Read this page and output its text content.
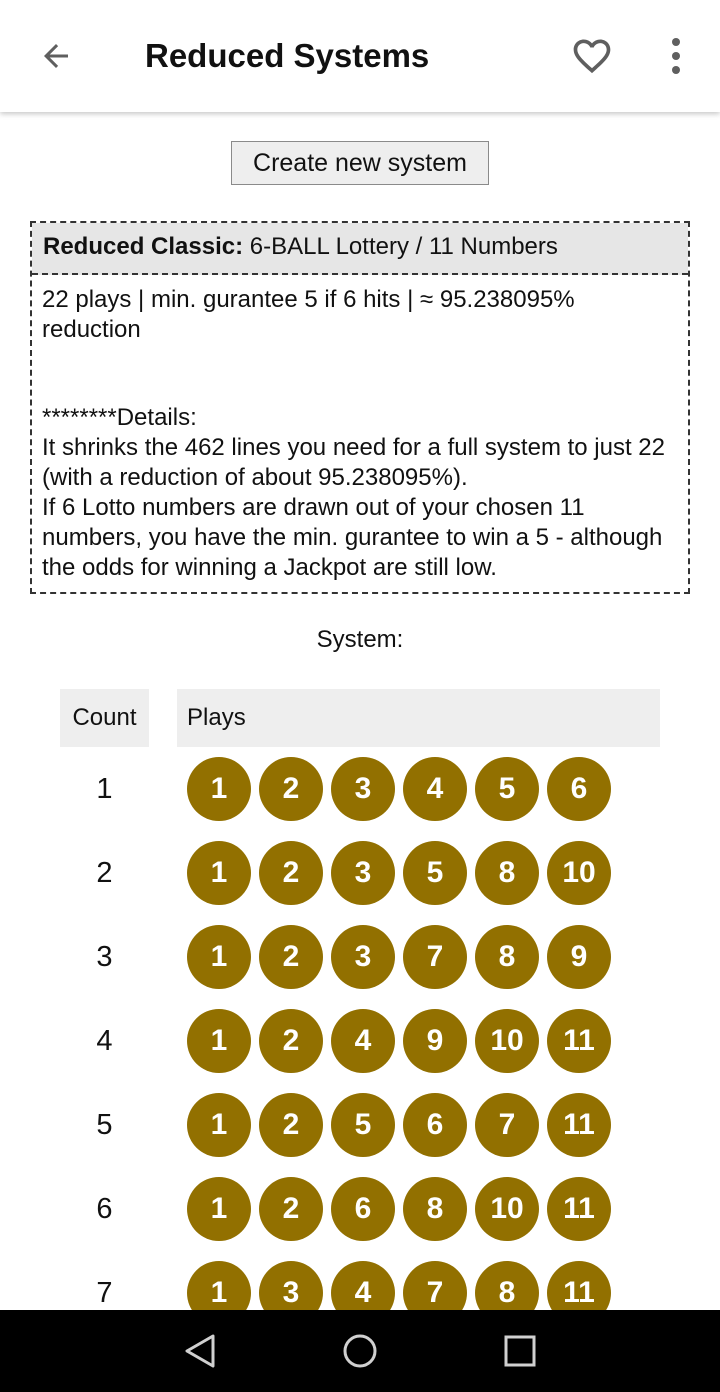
Reduced Systems
Create new system
Reduced Classic: 6-BALL Lottery / 11 Numbers
22 plays | min. gurantee 5 if 6 hits | ≈ 95.238095% reduction
********Details:
It shrinks the 462 lines you need for a full system to just 22 (with a reduction of about 95.238095%).
If 6 Lotto numbers are drawn out of your chosen 11 numbers, you have the min. gurantee to win a 5 - although the odds for winning a Jackpot are still low.
System:
Count	Plays
1	1	2	3	4	5	6
2	1	2	3	5	8	10
3	1	2	3	7	8	9
4	1	2	4	9	10	11
5	1	2	5	6	7	11
6	1	2	6	8	10	11
7	1	3	4	7	8	11
